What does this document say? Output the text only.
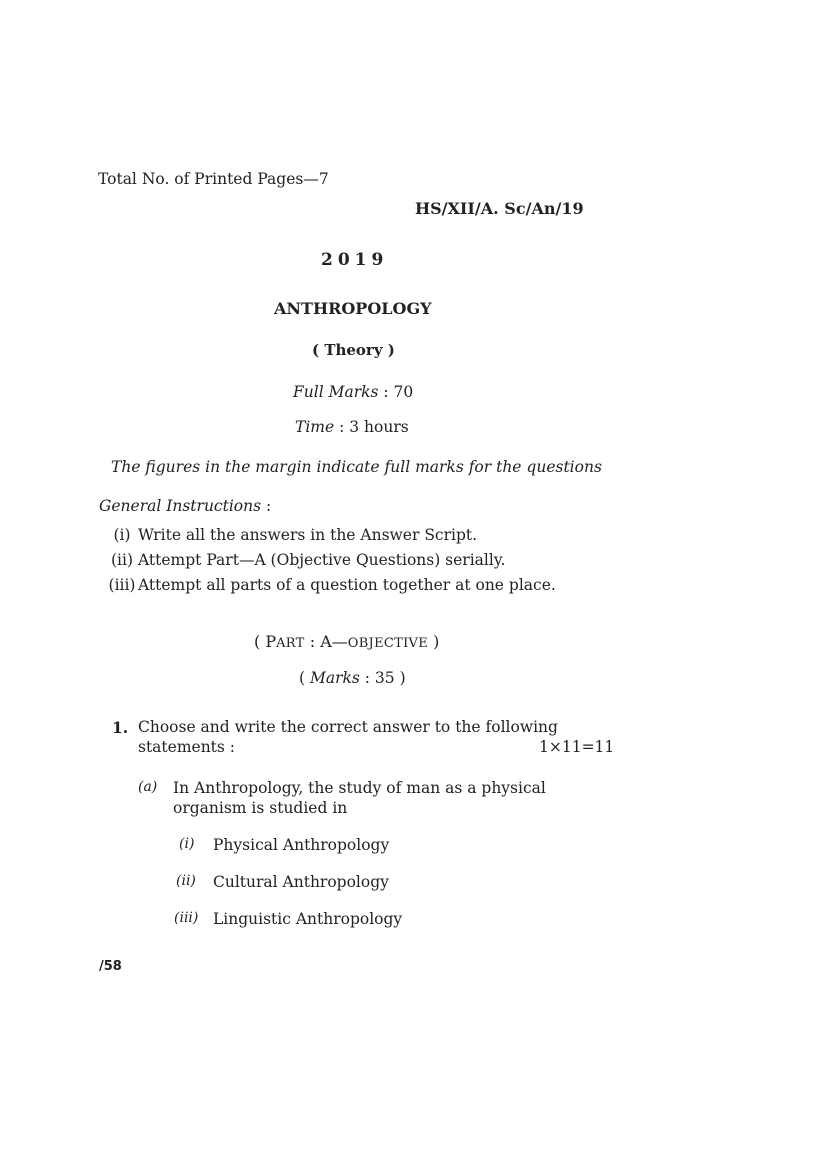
Total No. of Printed Pages—7
HS/XII/A. Sc/An/19
2019
ANTHROPOLOGY
( Theory )
Full Marks : 70
Time : 3 hours
The figures in the margin indicate full marks for the questions
General Instructions :
(i) Write all the answers in the Answer Script.
(ii) Attempt Part—A (Objective Questions) serially.
(iii) Attempt all parts of a question together at one place.
( PART : A—OBJECTIVE )
( Marks : 35 )
1. Choose and write the correct answer to the following
statements :	1×11=11
(a) In Anthropology, the study of man as a physical
organism is studied in
(i) Physical Anthropology
(ii) Cultural Anthropology
(iii) Linguistic Anthropology
/58
